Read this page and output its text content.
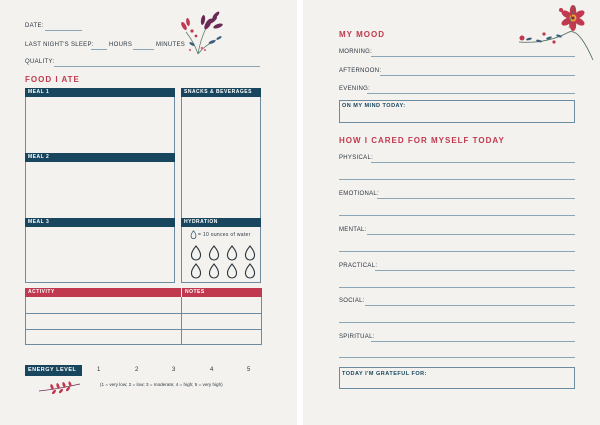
DATE:
LAST NIGHT'S SLEEP:	HOURS	MINUTES
QUALITY:
FOOD I ATE
MEAL 1
MEAL 2
MEAL 3
SNACKS & BEVERAGES
HYDRATION
= 10 ounces of water
ACTIVITY	NOTES
ENERGY LEVEL	1	2	3	4	5
(1 = very low; 2 = low; 3 = moderate; 4 = high; 5 = very high)
MY MOOD
MORNING:
AFTERNOON:
EVENING:
ON MY MIND TODAY:
HOW I CARED FOR MYSELF TODAY
PHYSICAL:
EMOTIONAL:
MENTAL:
PRACTICAL:
SOCIAL:
SPIRITUAL:
TODAY I'M GRATEFUL FOR:
